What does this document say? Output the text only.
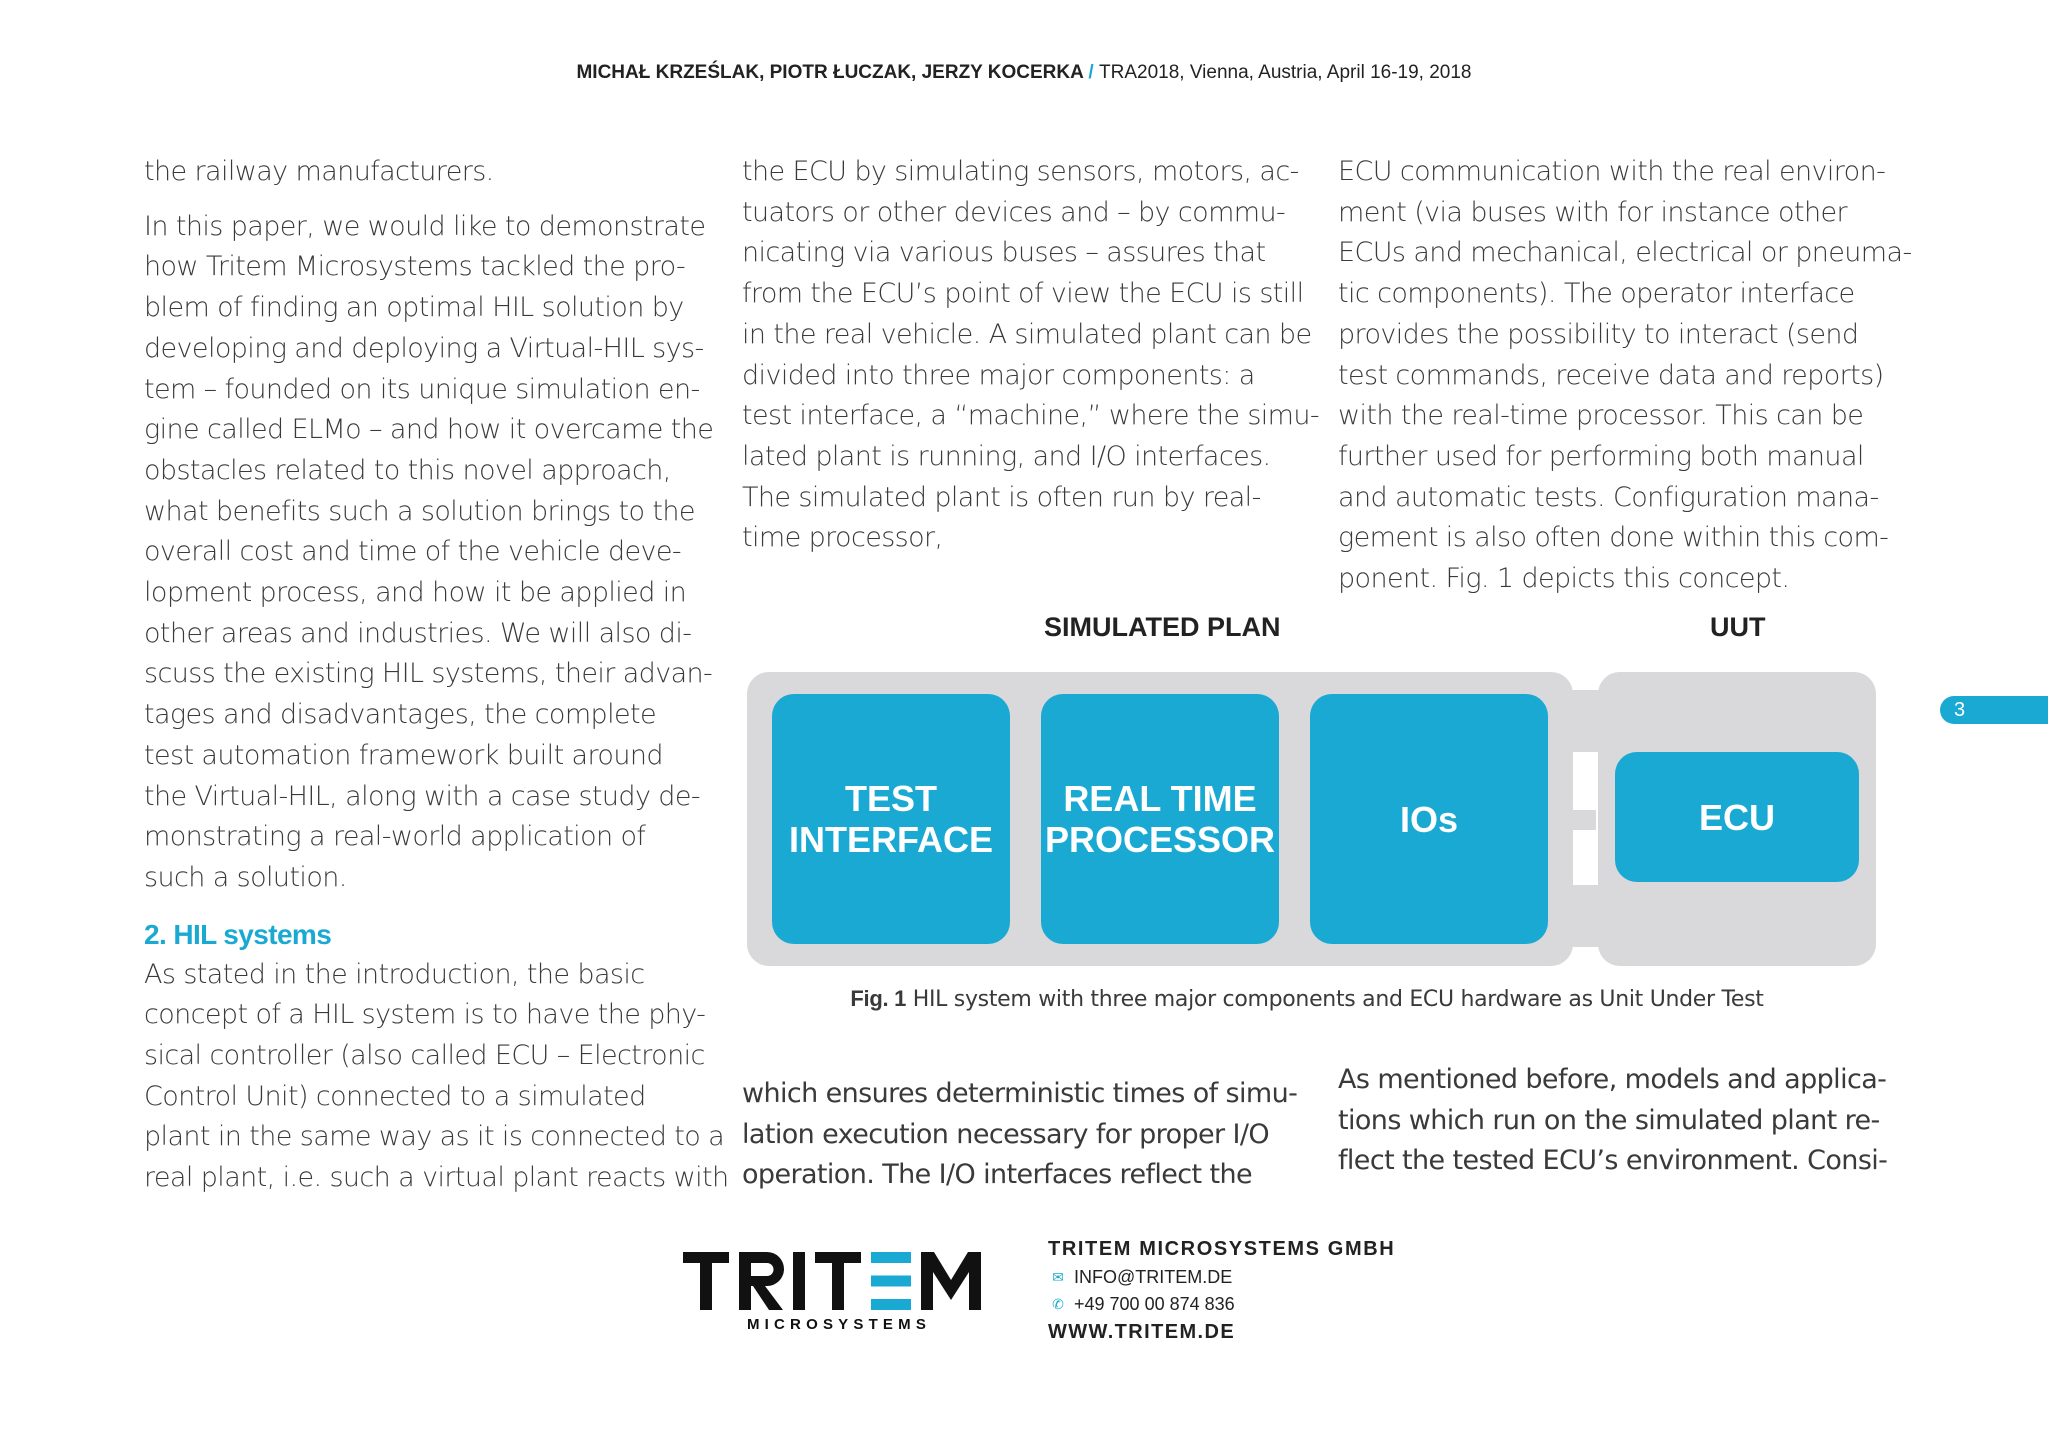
MICHAŁ KRZEŚLAK, PIOTR ŁUCZAK, JERZY KOCERKA / TRA2018, Vienna, Austria, April 16-19, 2018

the railway manufacturers.

In this paper, we would like to demonstrate
how Tritem Microsystems tackled the pro-
blem of finding an optimal HIL solution by
developing and deploying a Virtual-HIL sys-
tem – founded on its unique simulation en-
gine called ELMo – and how it overcame the
obstacles related to this novel approach,
what benefits such a solution brings to the
overall cost and time of the vehicle deve-
lopment process, and how it be applied in
other areas and industries. We will also di-
scuss the existing HIL systems, their advan-
tages and disadvantages, the complete
test automation framework built around
the Virtual-HIL, along with a case study de-
monstrating a real-world application of
such a solution.

2. HIL systems

As stated in the introduction, the basic
concept of a HIL system is to have the phy-
sical controller (also called ECU – Electronic
Control Unit) connected to a simulated
plant in the same way as it is connected to a
real plant, i.e. such a virtual plant reacts with

the ECU by simulating sensors, motors, ac-
tuators or other devices and – by commu-
nicating via various buses – assures that
from the ECU’s point of view the ECU is still
in the real vehicle. A simulated plant can be
divided into three major components: a
test interface, a “machine,” where the simu-
lated plant is running, and I/O interfaces.
The simulated plant is often run by real-
time processor,

which ensures deterministic times of simu-
lation execution necessary for proper I/O
operation. The I/O interfaces reflect the

ECU communication with the real environ-
ment (via buses with for instance other
ECUs and mechanical, electrical or pneuma-
tic components). The operator interface
provides the possibility to interact (send
test commands, receive data and reports)
with the real-time processor. This can be
further used for performing both manual
and automatic tests. Configuration mana-
gement is also often done within this com-
ponent. Fig. 1 depicts this concept.

As mentioned before, models and applica-
tions which run on the simulated plant re-
flect the tested ECU’s environment. Consi-

SIMULATED PLAN	UUT
TEST
INTERFACE
REAL TIME
PROCESSOR	IOs	ECU
Fig. 1 HIL system with three major components and ECU hardware as Unit Under Test
3
MICROSYSTEMS
TRITEM MICROSYSTEMS GMBH
✉ INFO@TRITEM.DE
✆ +49 700 00 874 836
WWW.TRITEM.DE
